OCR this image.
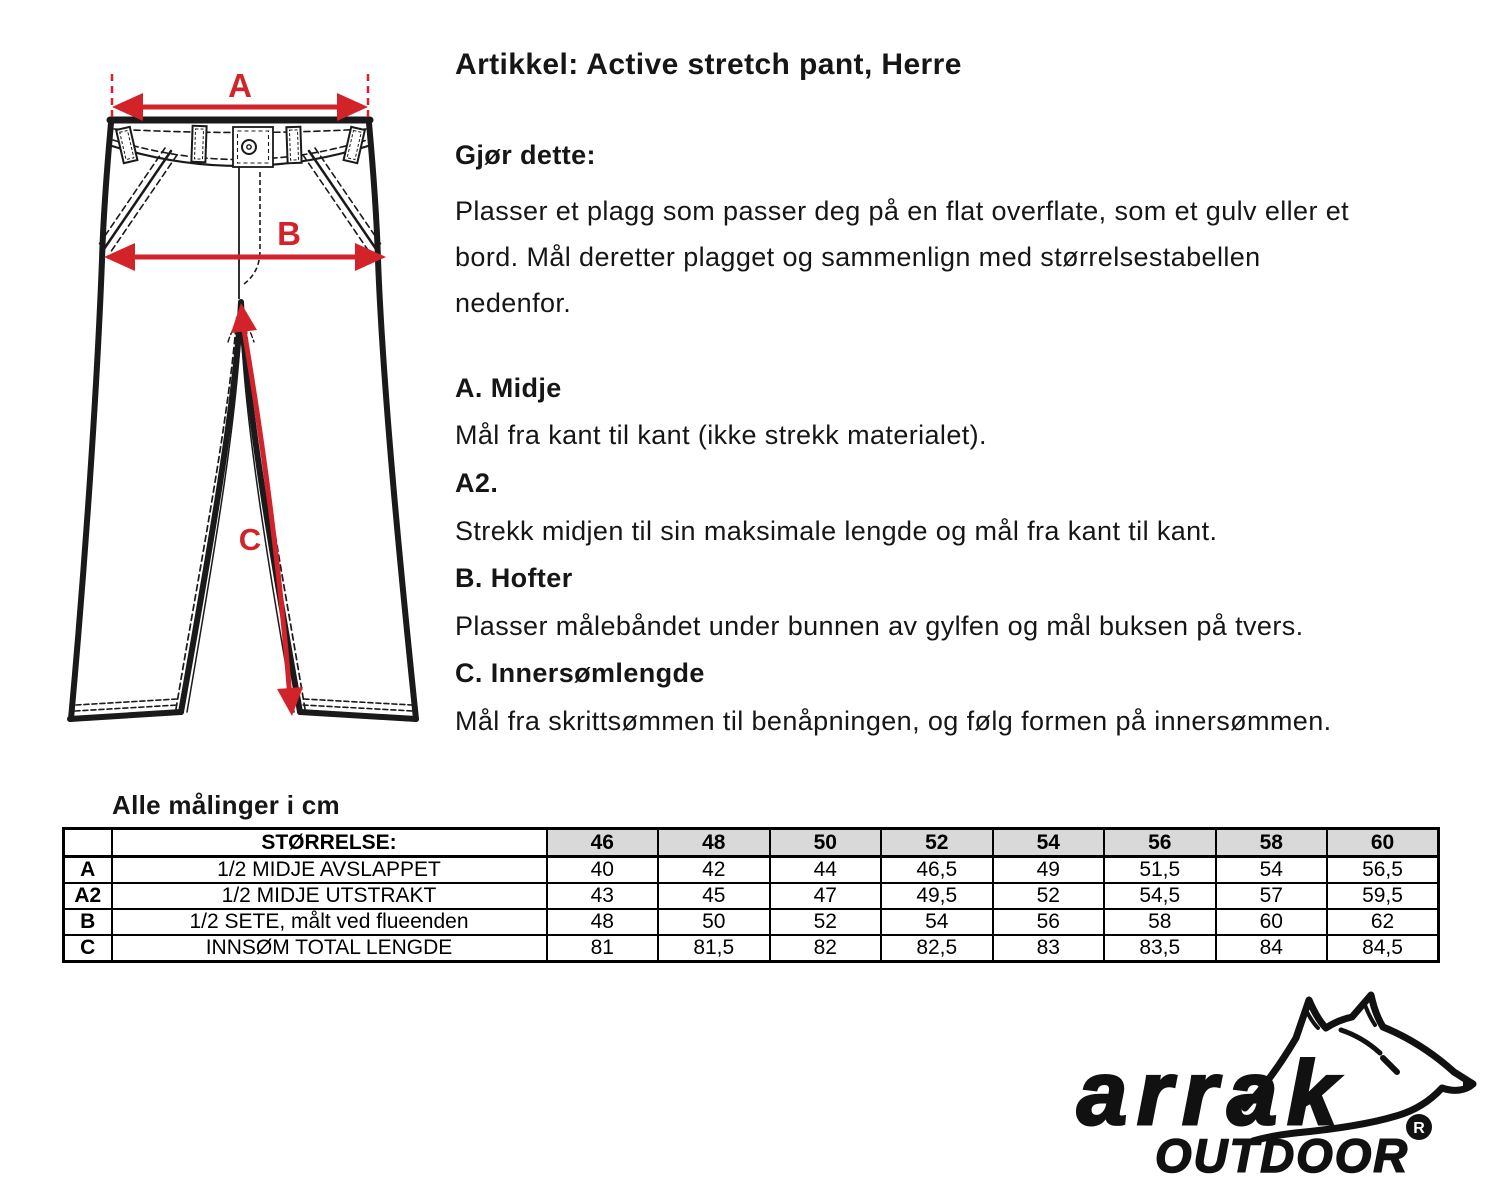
A
B
C
Artikkel: Active stretch pant, Herre
Gjør dette:
Plasser et plagg som passer deg på en flat overflate, som et gulv eller et
bord. Mål deretter plagget og sammenlign med størrelsestabellen
nedenfor.
A. Midje
Mål fra kant til kant (ikke strekk materialet).
A2.
Strekk midjen til sin maksimale lengde og mål fra kant til kant.
B. Hofter
Plasser målebåndet under bunnen av gylfen og mål buksen på tvers.
C. Innersømlengde
Mål fra skrittsømmen til benåpningen, og følg formen på innersømmen.
Alle målinger i cm
	STØRRELSE:	46	48	50	52	54	56	58	60
A	1/2 MIDJE AVSLAPPET	40	42	44	46,5	49	51,5	54	56,5
A2	1/2 MIDJE UTSTRAKT	43	45	47	49,5	52	54,5	57	59,5
B	1/2 SETE, målt ved flueenden	48	50	52	54	56	58	60	62
C	INNSØM TOTAL LENGDE	81	81,5	82	82,5	83	83,5	84	84,5
arrak
OUTDOOR
R
